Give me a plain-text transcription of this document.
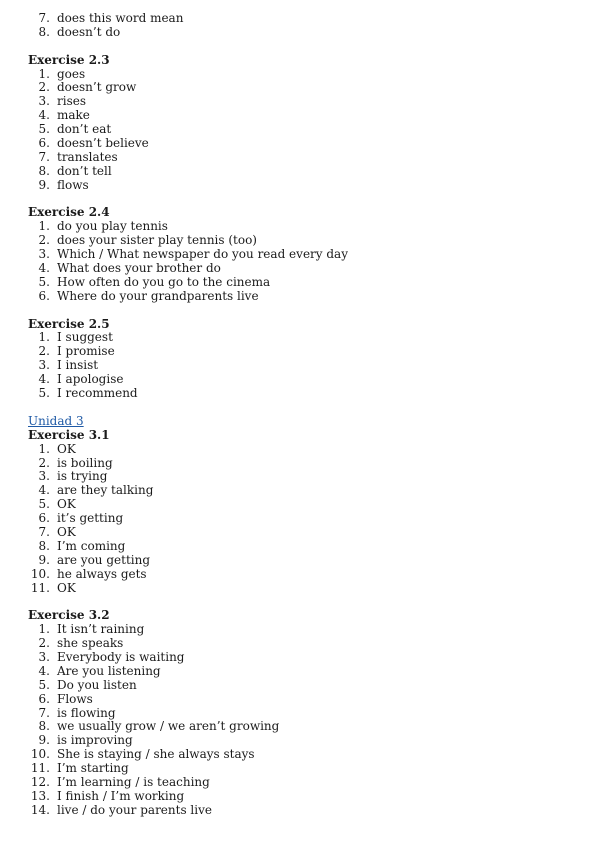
7. does this word mean
8. doesn’t do
Exercise 2.3
1. goes
2. doesn’t grow
3. rises
4. make
5. don’t eat
6. doesn’t believe
7. translates
8. don’t tell
9. flows
Exercise 2.4
1. do you play tennis
2. does your sister play tennis (too)
3. Which / What newspaper do you read every day
4. What does your brother do
5. How often do you go to the cinema
6. Where do your grandparents live
Exercise 2.5
1. I suggest
2. I promise
3. I insist
4. I apologise
5. I recommend
Unidad 3
Exercise 3.1
1. OK
2. is boiling
3. is trying
4. are they talking
5. OK
6. it’s getting
7. OK
8. I’m coming
9. are you getting
10. he always gets
11. OK
Exercise 3.2
1. It isn’t raining
2. she speaks
3. Everybody is waiting
4. Are you listening
5. Do you listen
6. Flows
7. is flowing
8. we usually grow / we aren’t growing
9. is improving
10. She is staying / she always stays
11. I’m starting
12. I’m learning / is teaching
13. I finish / I’m working
14. live / do your parents live
